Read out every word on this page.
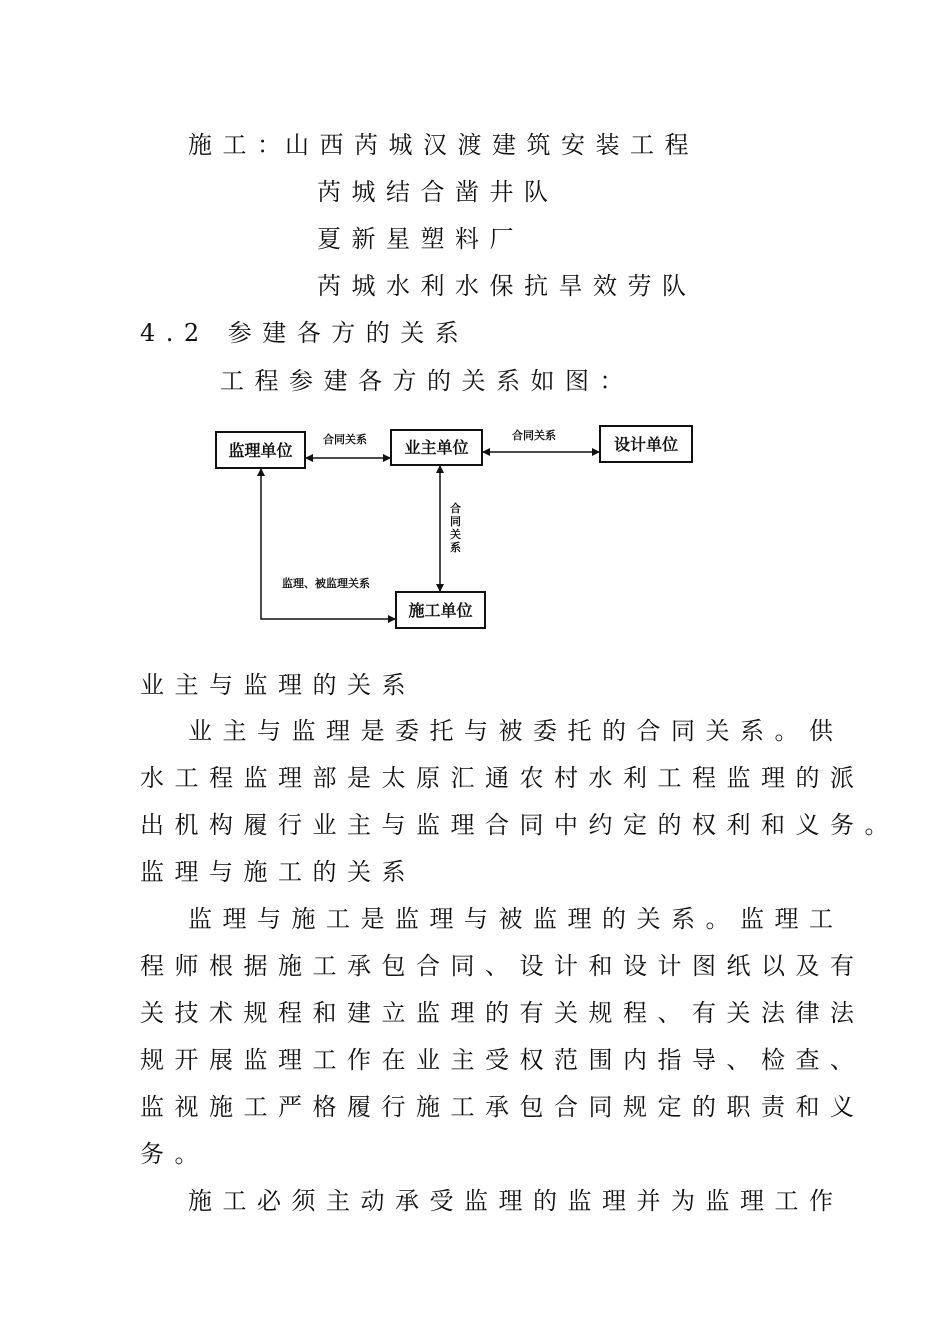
施工：
山西芮城汉渡建筑安装工程
芮城结合凿井队
夏新星塑料厂
芮城水利水保抗旱效劳队
4.2 参建各方的关系
工程参建各方的关系如图：
监理单位	业主单位	设计单位
施工单位
合同关系	合同关系
合
同
关
系
监理、被监理关系
业主与监理的关系
业主与监理是委托与被委托的合同关系。供
水工程监理部是太原汇通农村水利工程监理的派
出机构履行业主与监理合同中约定的权利和义务。
监理与施工的关系
监理与施工是监理与被监理的关系。监理工
程师根据施工承包合同、设计和设计图纸以及有
关技术规程和建立监理的有关规程、有关法律法
规开展监理工作在业主受权范围内指导、检查、
监视施工严格履行施工承包合同规定的职责和义
务。
施工必须主动承受监理的监理并为监理工作
